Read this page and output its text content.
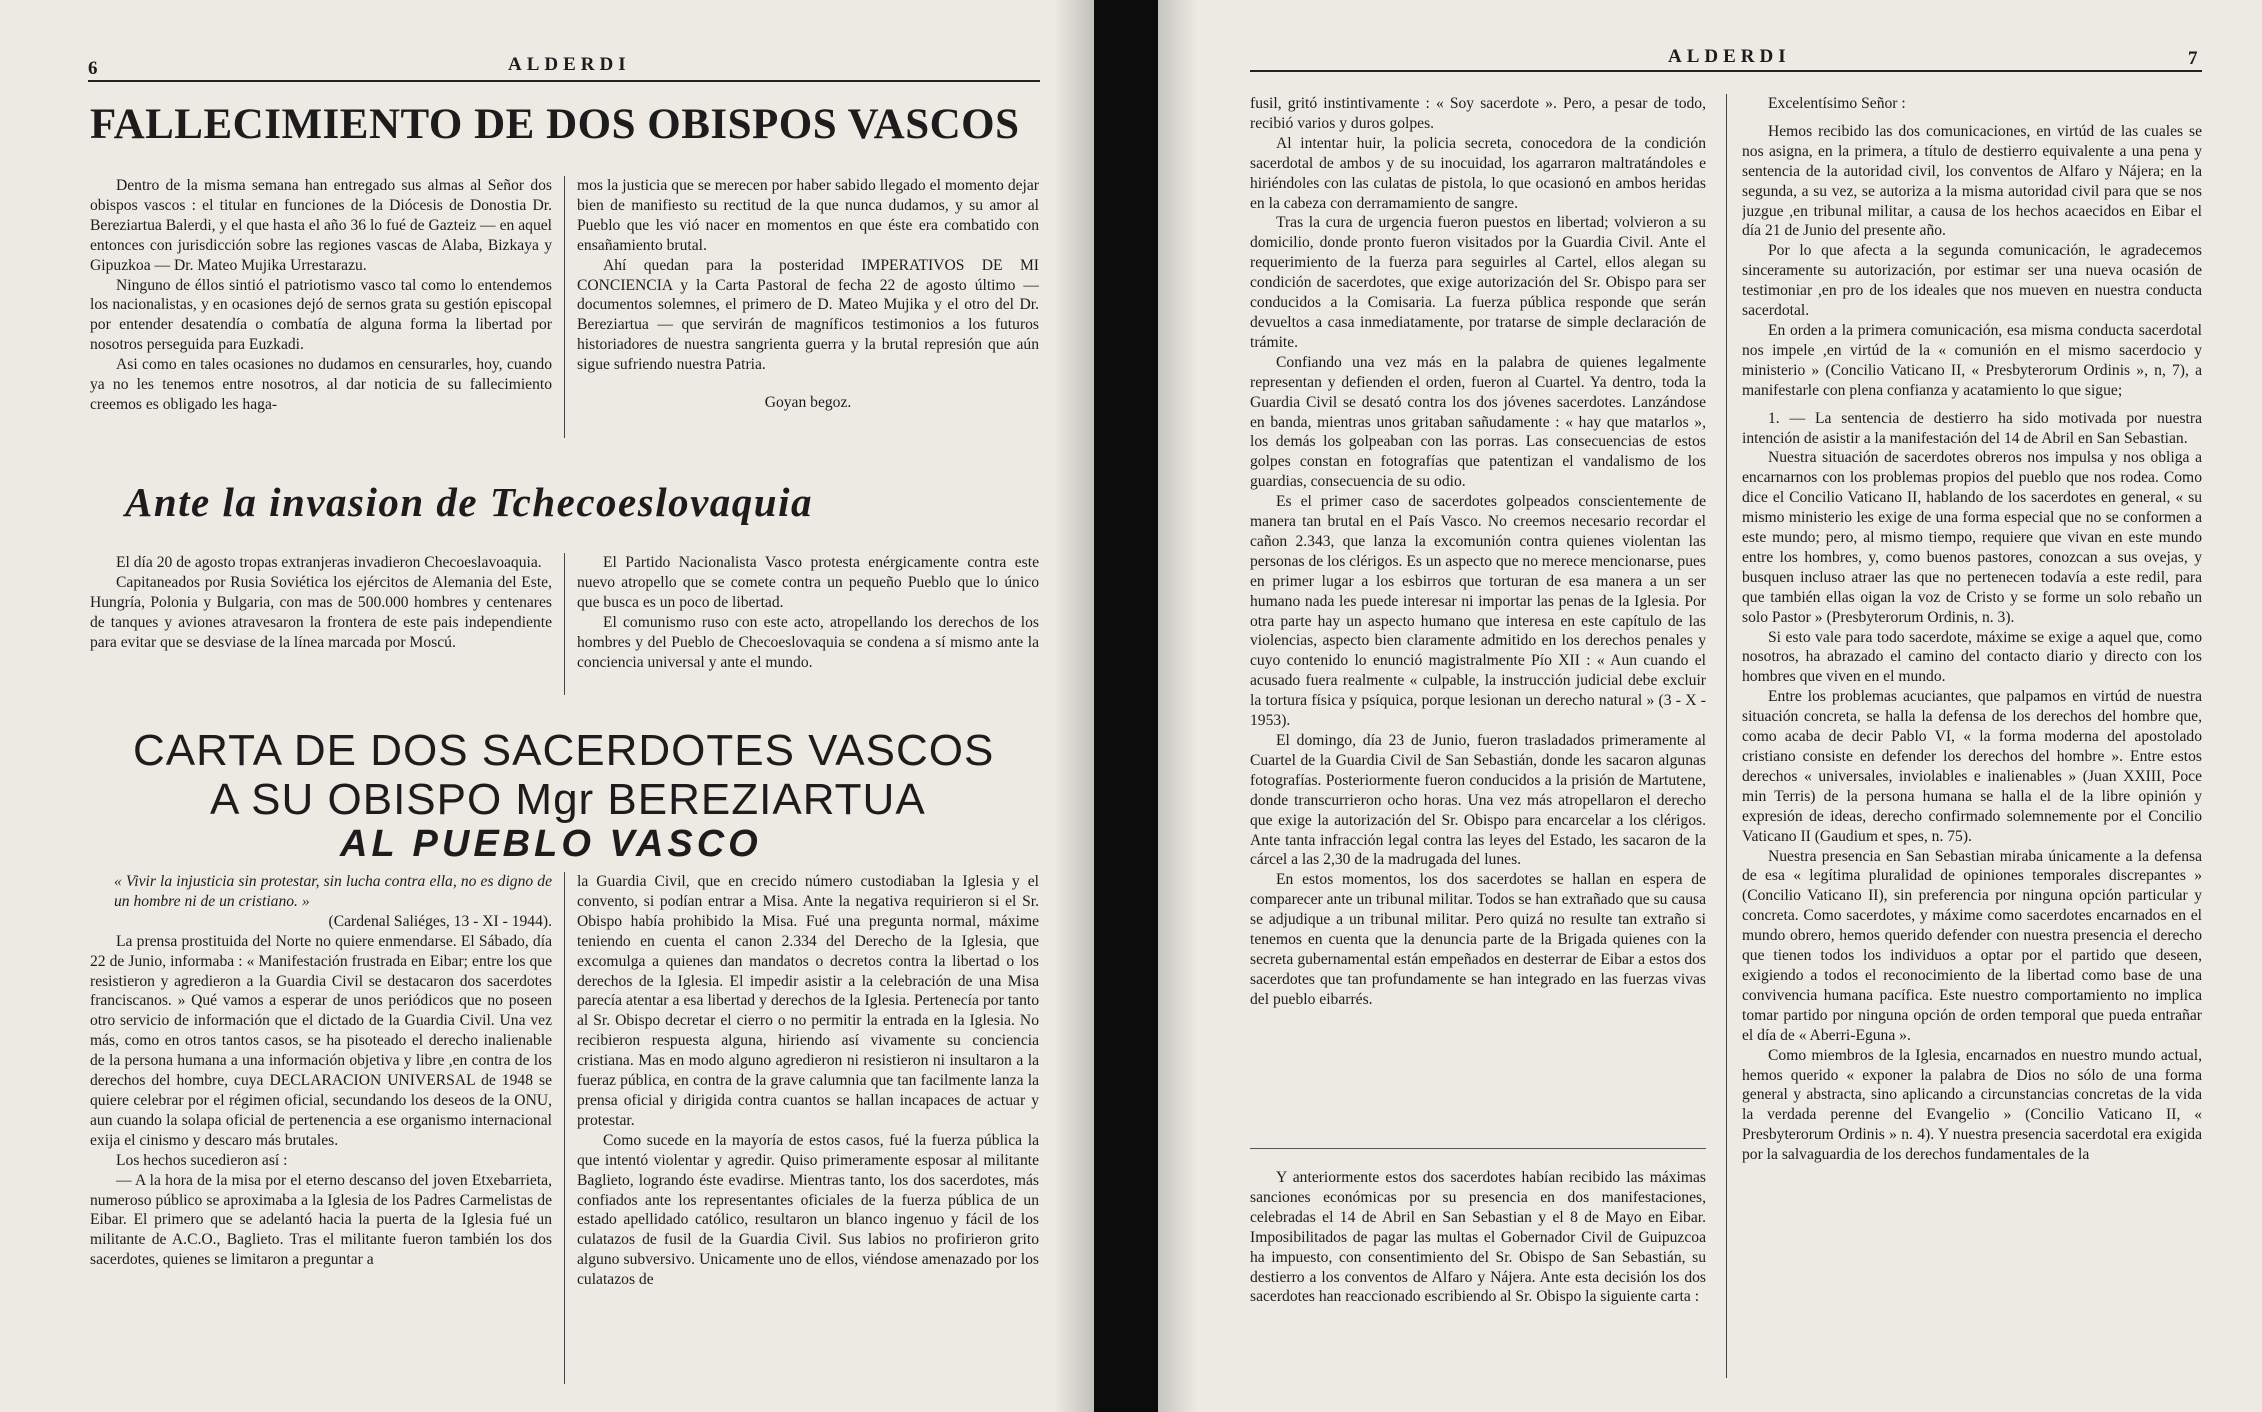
6	ALDERDI
FALLECIMIENTO DE DOS OBISPOS VASCOS

Dentro de la misma semana han entregado sus almas al Señor dos obispos vascos : el titular en funciones de la Diócesis de Donostia Dr. Bereziartua Balerdi, y el que hasta el año 36 lo fué de Gazteiz — en aquel entonces con jurisdicción sobre las regiones vascas de Alaba, Bizkaya y Gipuzkoa — Dr. Mateo Mujika Urrestarazu.

Ninguno de éllos sintió el patriotismo vasco tal como lo entendemos los nacionalistas, y en ocasiones dejó de sernos grata su gestión episcopal por entender desatendía o combatía de alguna forma la libertad por nosotros perseguida para Euzkadi.

Asi como en tales ocasiones no dudamos en censurarles, hoy, cuando ya no les tenemos entre nosotros, al dar noticia de su fallecimiento creemos es obligado les haga-

mos la justicia que se merecen por haber sabido llegado el momento dejar bien de manifiesto su rectitud de la que nunca dudamos, y su amor al Pueblo que les vió nacer en momentos en que éste era combatido con ensañamiento brutal.

Ahí quedan para la posteridad IMPERATIVOS DE MI CONCIENCIA y la Carta Pastoral de fecha 22 de agosto último — documentos solemnes, el primero de D. Mateo Mujika y el otro del Dr. Bereziartua — que servirán de magníficos testimonios a los futuros historiadores de nuestra sangrienta guerra y la brutal represión que aún sigue sufriendo nuestra Patria.

Goyan begoz.

Ante la invasion de Tchecoeslovaquia

El día 20 de agosto tropas extranjeras invadieron Checoeslavoaquia.

Capitaneados por Rusia Soviética los ejércitos de Alemania del Este, Hungría, Polonia y Bulgaria, con mas de 500.000 hombres y centenares de tanques y aviones atravesaron la frontera de este pais independiente para evitar que se desviase de la línea marcada por Moscú.

El Partido Nacionalista Vasco protesta enérgicamente contra este nuevo atropello que se comete contra un pequeño Pueblo que lo único que busca es un poco de libertad.

El comunismo ruso con este acto, atropellando los derechos de los hombres y del Pueblo de Checoeslovaquia se condena a sí mismo ante la conciencia universal y ante el mundo.

CARTA DE DOS SACERDOTES VASCOS
A SU OBISPO Mgr BEREZIARTUA
AL PUEBLO VASCO

« Vivir la injusticia sin protestar, sin lucha contra ella, no es digno de un hombre ni de un cristiano. »

(Cardenal Saliéges, 13 - XI - 1944).

La prensa prostituida del Norte no quiere enmendarse. El Sábado, día 22 de Junio, informaba : « Manifestación frustrada en Eibar; entre los que resistieron y agredieron a la Guardia Civil se destacaron dos sacerdotes franciscanos. » Qué vamos a esperar de unos periódicos que no poseen otro servicio de información que el dictado de la Guardia Civil. Una vez más, como en otros tantos casos, se ha pisoteado el derecho inalienable de la persona humana a una información objetiva y libre ,en contra de los derechos del hombre, cuya DECLARACION UNIVERSAL de 1948 se quiere celebrar por el régimen oficial, secundando los deseos de la ONU, aun cuando la solapa oficial de pertenencia a ese organismo internacional exija el cinismo y descaro más brutales.

Los hechos sucedieron así :

— A la hora de la misa por el eterno descanso del joven Etxebarrieta, numeroso público se aproximaba a la Iglesia de los Padres Carmelistas de Eibar. El primero que se adelantó hacia la puerta de la Iglesia fué un militante de A.C.O., Baglieto. Tras el militante fueron también los dos sacerdotes, quienes se limitaron a preguntar a

la Guardia Civil, que en crecido número custodiaban la Iglesia y el convento, si podían entrar a Misa. Ante la negativa requirieron si el Sr. Obispo había prohibido la Misa. Fué una pregunta normal, máxime teniendo en cuenta el canon 2.334 del Derecho de la Iglesia, que excomulga a quienes dan mandatos o decretos contra la libertad o los derechos de la Iglesia. El impedir asistir a la celebración de una Misa parecía atentar a esa libertad y derechos de la Iglesia. Pertenecía por tanto al Sr. Obispo decretar el cierro o no permitir la entrada en la Iglesia. No recibieron respuesta alguna, hiriendo así vivamente su conciencia cristiana. Mas en modo alguno agredieron ni resistieron ni insultaron a la fueraz pública, en contra de la grave calumnia que tan facilmente lanza la prensa oficial y dirigida contra cuantos se hallan incapaces de actuar y protestar.

Como sucede en la mayoría de estos casos, fué la fuerza pública la que intentó violentar y agredir. Quiso primeramente esposar al militante Baglieto, logrando éste evadirse. Mientras tanto, los dos sacerdotes, más confiados ante los representantes oficiales de la fuerza pública de un estado apellidado católico, resultaron un blanco ingenuo y fácil de los culatazos de fusil de la Guardia Civil. Sus labios no profirieron grito alguno subversivo. Unicamente uno de ellos, viéndose amenazado por los culatazos de

ALDERDI	7

fusil, gritó instintivamente : « Soy sacerdote ». Pero, a pesar de todo, recibió varios y duros golpes.

Al intentar huir, la policia secreta, conocedora de la condición sacerdotal de ambos y de su inocuidad, los agarraron maltratándoles e hiriéndoles con las culatas de pistola, lo que ocasionó en ambos heridas en la cabeza con derramamiento de sangre.

Tras la cura de urgencia fueron puestos en libertad; volvieron a su domicilio, donde pronto fueron visitados por la Guardia Civil. Ante el requerimiento de la fuerza para seguirles al Cartel, ellos alegan su condición de sacerdotes, que exige autorización del Sr. Obispo para ser conducidos a la Comisaria. La fuerza pública responde que serán devueltos a casa inmediatamente, por tratarse de simple declaración de trámite.

Confiando una vez más en la palabra de quienes legalmente representan y defienden el orden, fueron al Cuartel. Ya dentro, toda la Guardia Civil se desató contra los dos jóvenes sacerdotes. Lanzándose en banda, mientras unos gritaban sañudamente : « hay que matarlos », los demás los golpeaban con las porras. Las consecuencias de estos golpes constan en fotografías que patentizan el vandalismo de los guardias, consecuencia de su odio.

Es el primer caso de sacerdotes golpeados conscientemente de manera tan brutal en el País Vasco. No creemos necesario recordar el cañon 2.343, que lanza la excomunión contra quienes violentan las personas de los clérigos. Es un aspecto que no merece mencionarse, pues en primer lugar a los esbirros que torturan de esa manera a un ser humano nada les puede interesar ni importar las penas de la Iglesia. Por otra parte hay un aspecto humano que interesa en este capítulo de las violencias, aspecto bien claramente admitido en los derechos penales y cuyo contenido lo enunció magistralmente Pío XII : « Aun cuando el acusado fuera realmente « culpable, la instrucción judicial debe excluir la tortura física y psíquica, porque lesionan un derecho natural » (3 - X - 1953).

El domingo, día 23 de Junio, fueron trasladados primeramente al Cuartel de la Guardia Civil de San Sebastián, donde les sacaron algunas fotografías. Posteriormente fueron conducidos a la prisión de Martutene, donde transcurrieron ocho horas. Una vez más atropellaron el derecho que exige la autorización del Sr. Obispo para encarcelar a los clérigos. Ante tanta infracción legal contra las leyes del Estado, les sacaron de la cárcel a las 2,30 de la madrugada del lunes.

En estos momentos, los dos sacerdotes se hallan en espera de comparecer ante un tribunal militar. Todos se han extrañado que su causa se adjudique a un tribunal militar. Pero quizá no resulte tan extraño si tenemos en cuenta que la denuncia parte de la Brigada quienes con la secreta gubernamental están empeñados en desterrar de Eibar a estos dos sacerdotes que tan profundamente se han integrado en las fuerzas vivas del pueblo eibarrés.

Y anteriormente estos dos sacerdotes habían recibido las máximas sanciones económicas por su presencia en dos manifestaciones, celebradas el 14 de Abril en San Sebastian y el 8 de Mayo en Eibar. Imposibilitados de pagar las multas el Gobernador Civil de Guipuzcoa ha impuesto, con consentimiento del Sr. Obispo de San Sebastián, su destierro a los conventos de Alfaro y Nájera. Ante esta decisión los dos sacerdotes han reaccionado escribiendo al Sr. Obispo la siguiente carta :

Excelentísimo Señor :

Hemos recibido las dos comunicaciones, en virtúd de las cuales se nos asigna, en la primera, a título de destierro equivalente a una pena y sentencia de la autoridad civil, los conventos de Alfaro y Nájera; en la segunda, a su vez, se autoriza a la misma autoridad civil para que se nos juzgue ,en tribunal militar, a causa de los hechos acaecidos en Eibar el día 21 de Junio del presente año.

Por lo que afecta a la segunda comunicación, le agradecemos sinceramente su autorización, por estimar ser una nueva ocasión de testimoniar ,en pro de los ideales que nos mueven en nuestra conducta sacerdotal.

En orden a la primera comunicación, esa misma conducta sacerdotal nos impele ,en virtúd de la « comunión en el mismo sacerdocio y ministerio » (Concilio Vaticano II, « Presbyterorum Ordinis », n, 7), a manifestarle con plena confianza y acatamiento lo que sigue;

1. — La sentencia de destierro ha sido motivada por nuestra intención de asistir a la manifestación del 14 de Abril en San Sebastian.

Nuestra situación de sacerdotes obreros nos impulsa y nos obliga a encarnarnos con los problemas propios del pueblo que nos rodea. Como dice el Concilio Vaticano II, hablando de los sacerdotes en general, « su mismo ministerio les exige de una forma especial que no se conformen a este mundo; pero, al mismo tiempo, requiere que vivan en este mundo entre los hombres, y, como buenos pastores, conozcan a sus ovejas, y busquen incluso atraer las que no pertenecen todavía a este redil, para que también ellas oigan la voz de Cristo y se forme un solo rebaño un solo Pastor » (Presbyterorum Ordinis, n. 3).

Si esto vale para todo sacerdote, máxime se exige a aquel que, como nosotros, ha abrazado el camino del contacto diario y directo con los hombres que viven en el mundo.

Entre los problemas acuciantes, que palpamos en virtúd de nuestra situación concreta, se halla la defensa de los derechos del hombre que, como acaba de decir Pablo VI, « la forma moderna del apostolado cristiano consiste en defender los derechos del hombre ». Entre estos derechos « universales, inviolables e inalienables » (Juan XXIII, Poce min Terris) de la persona humana se halla el de la libre opinión y expresión de ideas, derecho confirmado solemnemente por el Concilio Vaticano II (Gaudium et spes, n. 75).

Nuestra presencia en San Sebastian miraba únicamente a la defensa de esa « legítima pluralidad de opiniones temporales discrepantes » (Concilio Vaticano II), sin preferencia por ninguna opción particular y concreta. Como sacerdotes, y máxime como sacerdotes encarnados en el mundo obrero, hemos querido defender con nuestra presencia el derecho que tienen todos los individuos a optar por el partido que deseen, exigiendo a todos el reconocimiento de la libertad como base de una convivencia humana pacífica. Este nuestro comportamiento no implica tomar partido por ninguna opción de orden temporal que pueda entrañar el día de « Aberri-Eguna ».

Como miembros de la Iglesia, encarnados en nuestro mundo actual, hemos querido « exponer la palabra de Dios no sólo de una forma general y abstracta, sino aplicando a circunstancias concretas de la vida la verdada perenne del Evangelio » (Concilio Vaticano II, « Presbyterorum Ordinis » n. 4). Y nuestra presencia sacerdotal era exigida por la salvaguardia de los derechos fundamentales de la
